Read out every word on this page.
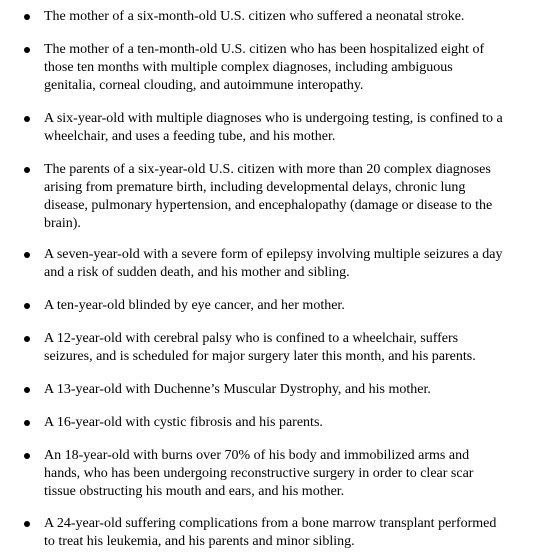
The mother of a six-month-old U.S. citizen who suffered a neonatal stroke.

The mother of a ten-month-old U.S. citizen who has been hospitalized eight of
those ten months with multiple complex diagnoses, including ambiguous
genitalia, corneal clouding, and autoimmune interopathy.

A six-year-old with multiple diagnoses who is undergoing testing, is confined to a
wheelchair, and uses a feeding tube, and his mother.

The parents of a six-year-old U.S. citizen with more than 20 complex diagnoses
arising from premature birth, including developmental delays, chronic lung
disease, pulmonary hypertension, and encephalopathy (damage or disease to the
brain).

A seven-year-old with a severe form of epilepsy involving multiple seizures a day
and a risk of sudden death, and his mother and sibling.

A ten-year-old blinded by eye cancer, and her mother.

A 12-year-old with cerebral palsy who is confined to a wheelchair, suffers
seizures, and is scheduled for major surgery later this month, and his parents.

A 13-year-old with Duchenne’s Muscular Dystrophy, and his mother.

A 16-year-old with cystic fibrosis and his parents.

An 18-year-old with burns over 70% of his body and immobilized arms and
hands, who has been undergoing reconstructive surgery in order to clear scar
tissue obstructing his mouth and ears, and his mother.

A 24-year-old suffering complications from a bone marrow transplant performed
to treat his leukemia, and his parents and minor sibling.
